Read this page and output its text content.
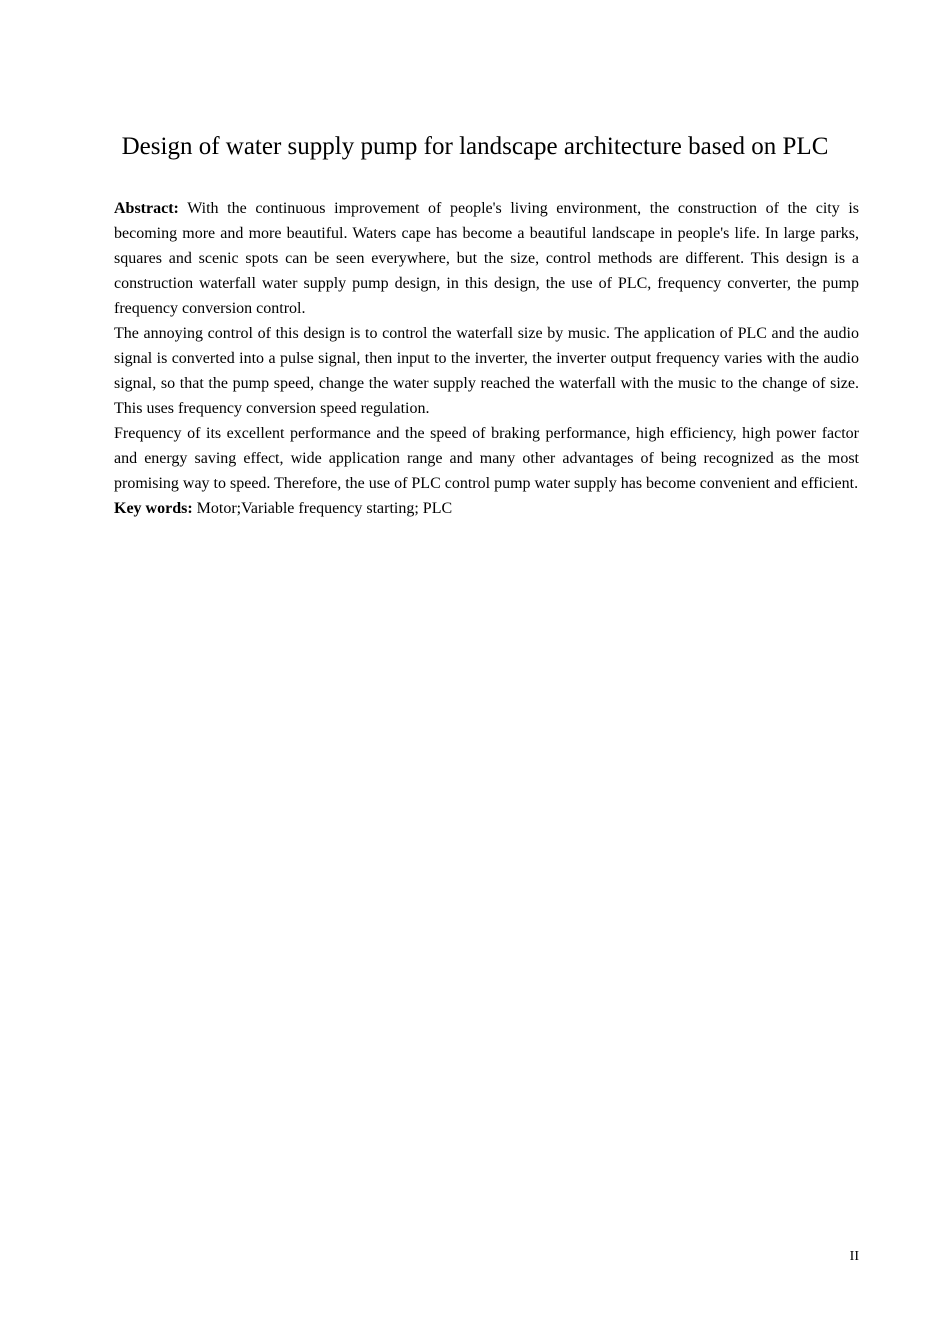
Design of water supply pump for landscape architecture based on PLC

Abstract: With the continuous improvement of people's living environment, the construction of the city is becoming more and more beautiful. Waters cape has become a beautiful landscape in people's life. In large parks, squares and scenic spots can be seen everywhere, but the size, control methods are different. This design is a construction waterfall water supply pump design, in this design, the use of PLC, frequency converter, the pump frequency conversion control.

The annoying control of this design is to control the waterfall size by music. The application of PLC and the audio signal is converted into a pulse signal, then input to the inverter, the inverter output frequency varies with the audio signal, so that the pump speed, change the water supply reached the waterfall with the music to the change of size. This uses frequency conversion speed regulation.

Frequency of its excellent performance and the speed of braking performance, high efficiency, high power factor and energy saving effect, wide application range and many other advantages of being recognized as the most promising way to speed. Therefore, the use of PLC control pump water supply has become convenient and efficient.

Key words: Motor;Variable frequency starting; PLC

II
